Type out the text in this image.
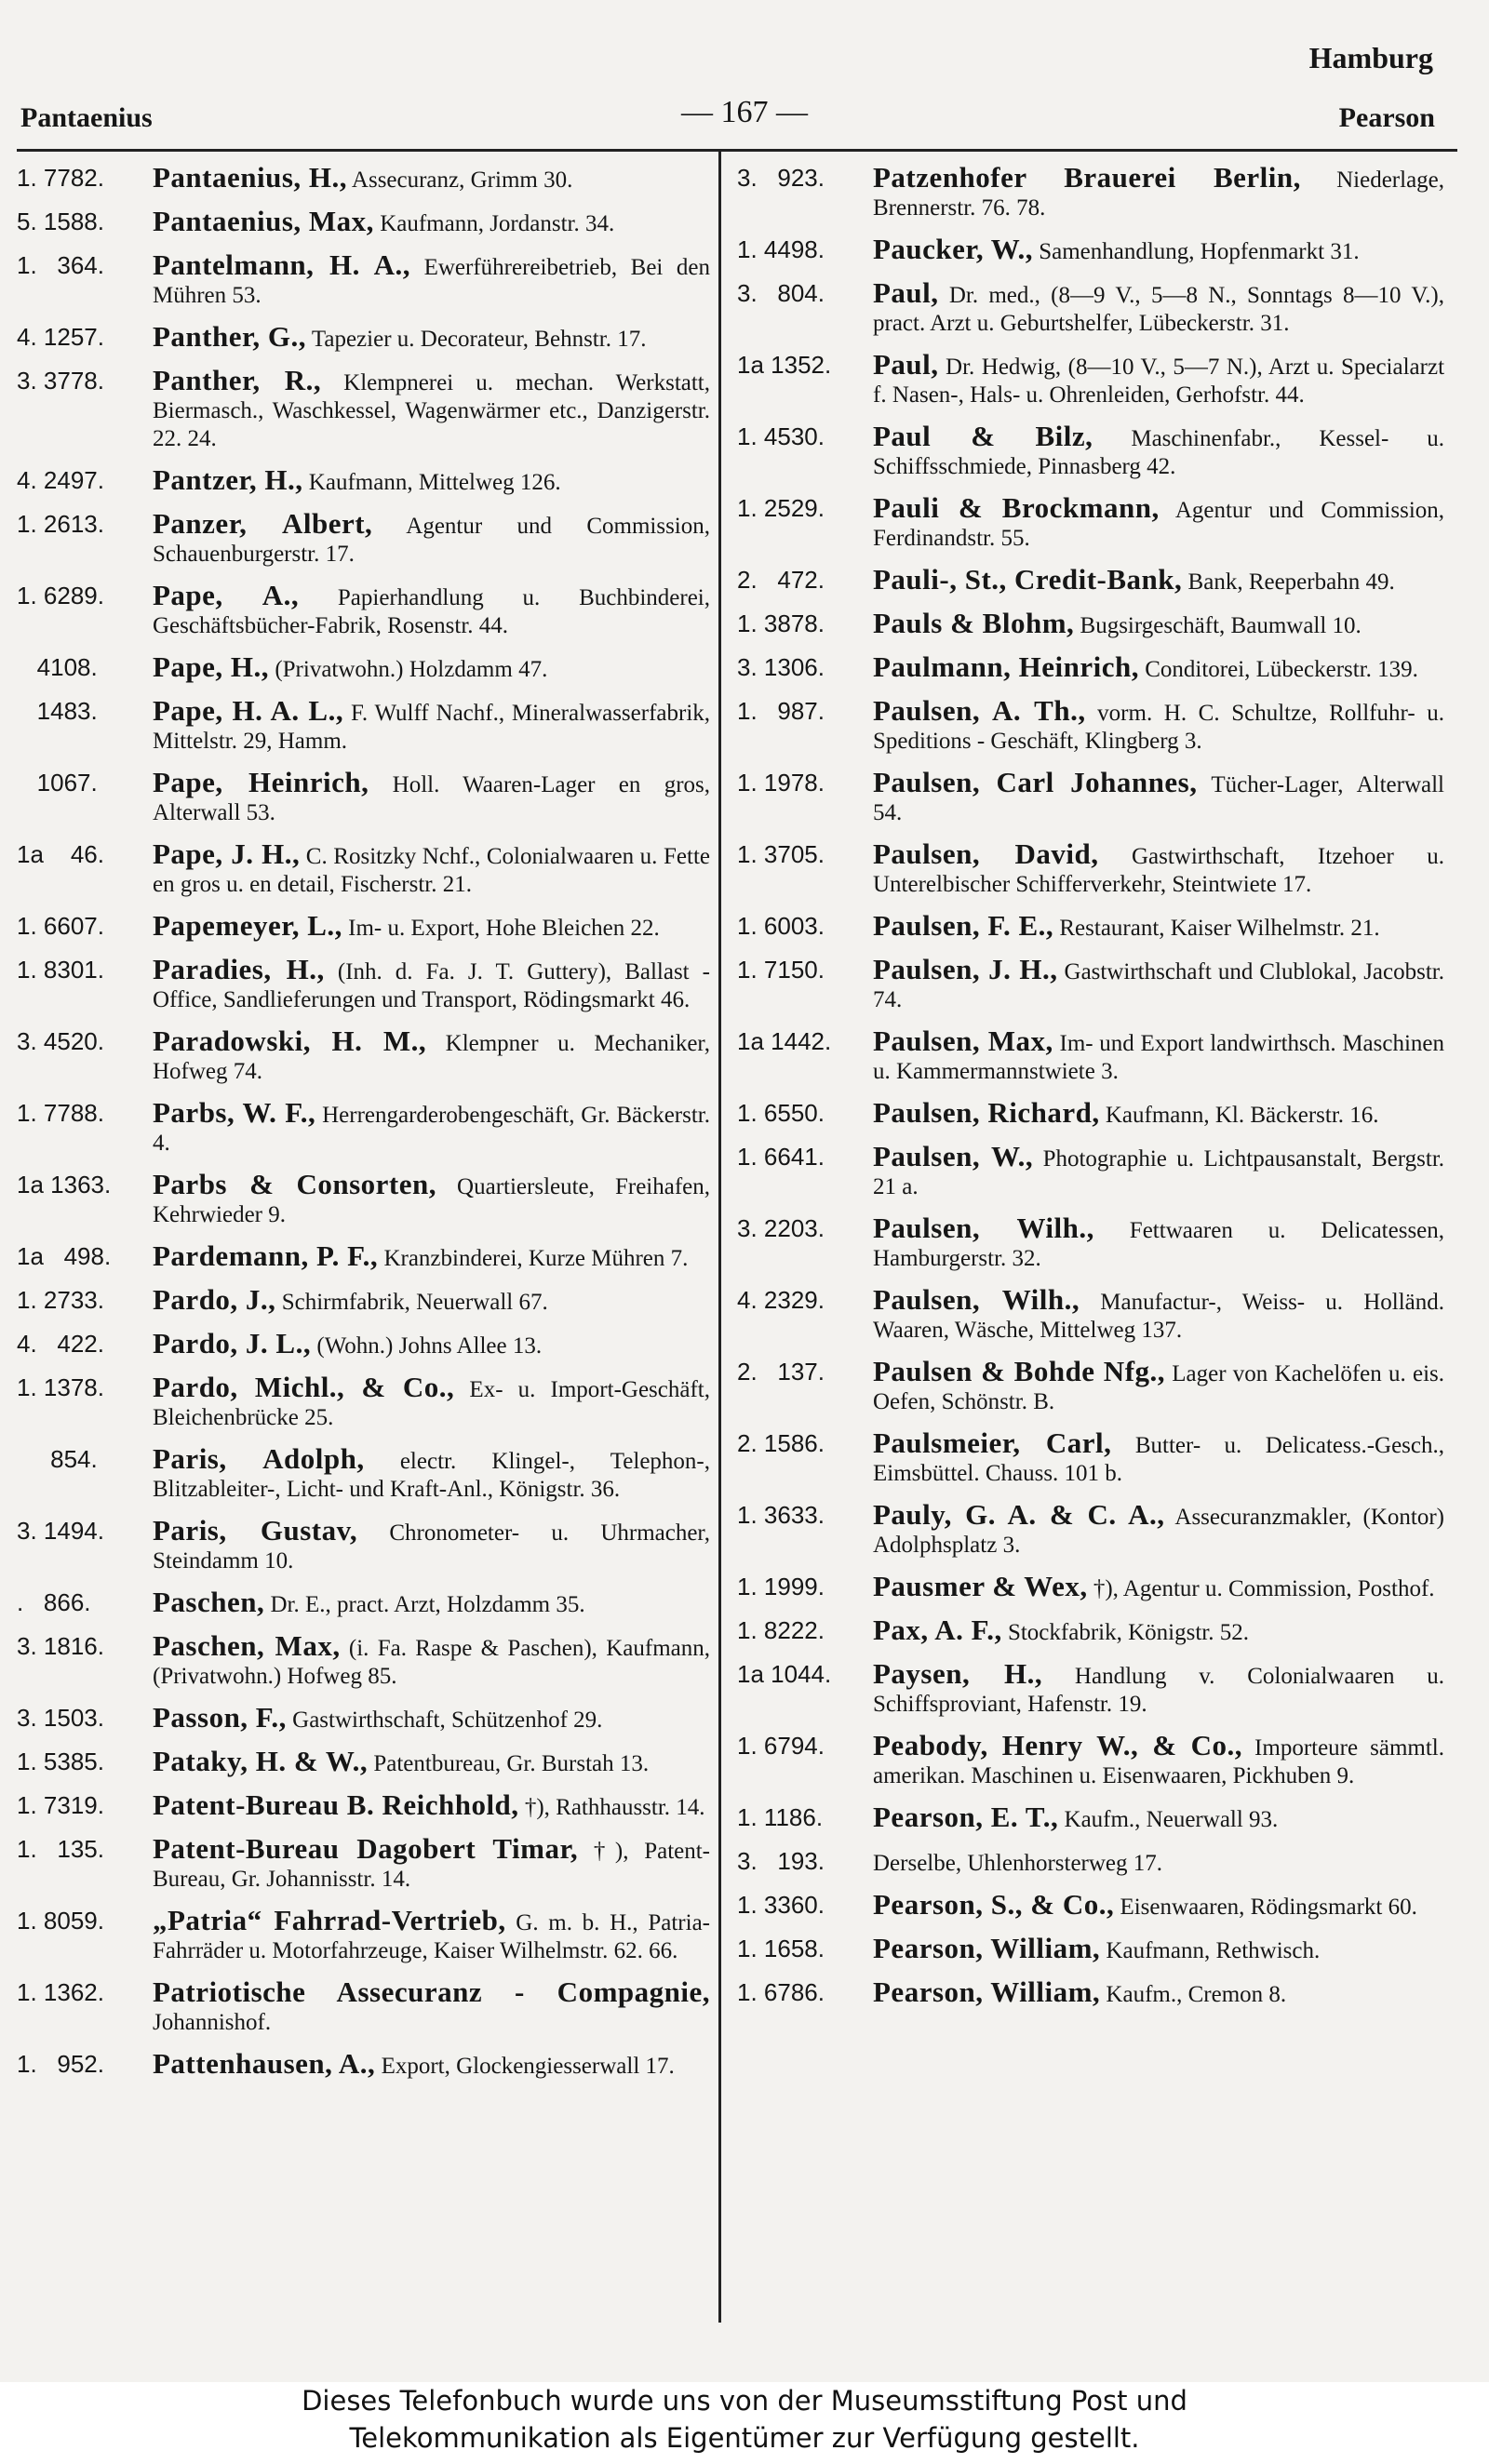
Hamburg
Pantaenius	— 167 —	Pearson
1. 7782.	Pantaenius, H., Assecuranz, Grimm 30.
5. 1588.	Pantaenius, Max, Kaufmann, Jordanstr. 34.
1.   364.	Pantelmann, H. A., Ewerführereibetrieb, Bei den Mühren 53.
4. 1257.	Panther, G., Tapezier u. Decorateur, Behnstr. 17.
3. 3778.	Panther, R., Klempnerei u. mechan. Werkstatt, Biermasch., Waschkessel, Wagenwärmer etc., Danzigerstr. 22. 24.
4. 2497.	Pantzer, H., Kaufmann, Mittelweg 126.
1. 2613.	Panzer, Albert, Agentur und Commission, Schauenburgerstr. 17.
1. 6289.	Pape, A., Papierhandlung u. Buchbinderei, Geschäftsbücher-Fabrik, Rosenstr. 44.
4108.	Pape, H., (Privatwohn.) Holzdamm 47.
1483.	Pape, H. A. L., F. Wulff Nachf., Mineralwasserfabrik, Mittelstr. 29, Hamm.
1067.	Pape, Heinrich, Holl. Waaren-Lager en gros, Alterwall 53.
1a    46.	Pape, J. H., C. Rositzky Nchf., Colonialwaaren u. Fette en gros u. en detail, Fischerstr. 21.
1. 6607.	Papemeyer, L., Im- u. Export, Hohe Bleichen 22.
1. 8301.	Paradies, H., (Inh. d. Fa. J. T. Guttery), Ballast - Office, Sandlieferungen und Transport, Rödingsmarkt 46.
3. 4520.	Paradowski, H. M., Klempner u. Mechaniker, Hofweg 74.
1. 7788.	Parbs, W. F., Herrengarderobengeschäft, Gr. Bäckerstr. 4.
1a 1363.	Parbs & Consorten, Quartiersleute, Freihafen, Kehrwieder 9.
1a   498.	Pardemann, P. F., Kranzbinderei, Kurze Mühren 7.
1. 2733.	Pardo, J., Schirmfabrik, Neuerwall 67.
4.   422.	Pardo, J. L., (Wohn.) Johns Allee 13.
1. 1378.	Pardo, Michl., & Co., Ex- u. Import-Geschäft, Bleichenbrücke 25.
854.	Paris, Adolph, electr. Klingel-, Telephon-, Blitzableiter-, Licht- und Kraft-Anl., Königstr. 36.
3. 1494.	Paris, Gustav, Chronometer- u. Uhrmacher, Steindamm 10.
.   866.	Paschen, Dr. E., pract. Arzt, Holzdamm 35.
3. 1816.	Paschen, Max, (i. Fa. Raspe & Paschen), Kaufmann, (Privatwohn.) Hofweg 85.
3. 1503.	Passon, F., Gastwirthschaft, Schützenhof 29.
1. 5385.	Pataky, H. & W., Patentbureau, Gr. Burstah 13.
1. 7319.	Patent-Bureau B. Reichhold, †), Rathhausstr. 14.
1.   135.	Patent-Bureau Dagobert Timar, †), Patent-Bureau, Gr. Johannisstr. 14.
1. 8059.	„Patria“ Fahrrad-Vertrieb, G. m. b. H., Patria-Fahrräder u. Motorfahrzeuge, Kaiser Wilhelmstr. 62. 66.
1. 1362.	Patriotische Assecuranz - Compagnie, Johannishof.
1.   952.	Pattenhausen, A., Export, Glockengiesserwall 17.
3.   923.	Patzenhofer Brauerei Berlin, Niederlage, Brennerstr. 76. 78.
1. 4498.	Paucker, W., Samenhandlung, Hopfenmarkt 31.
3.   804.	Paul, Dr. med., (8—9 V., 5—8 N., Sonntags 8—10 V.), pract. Arzt u. Geburtshelfer, Lübeckerstr. 31.
1a 1352.	Paul, Dr. Hedwig, (8—10 V., 5—7 N.), Arzt u. Specialarzt f. Nasen-, Hals- u. Ohrenleiden, Gerhofstr. 44.
1. 4530.	Paul & Bilz, Maschinenfabr., Kessel- u. Schiffsschmiede, Pinnasberg 42.
1. 2529.	Pauli & Brockmann, Agentur und Commission, Ferdinandstr. 55.
2.   472.	Pauli-, St., Credit-Bank, Bank, Reeperbahn 49.
1. 3878.	Pauls & Blohm, Bugsirgeschäft, Baumwall 10.
3. 1306.	Paulmann, Heinrich, Conditorei, Lübeckerstr. 139.
1.   987.	Paulsen, A. Th., vorm. H. C. Schultze, Rollfuhr- u. Speditions - Geschäft, Klingberg 3.
1. 1978.	Paulsen, Carl Johannes, Tücher-Lager, Alterwall 54.
1. 3705.	Paulsen, David, Gastwirthschaft, Itzehoer u. Unterelbischer Schifferverkehr, Steintwiete 17.
1. 6003.	Paulsen, F. E., Restaurant, Kaiser Wilhelmstr. 21.
1. 7150.	Paulsen, J. H., Gastwirthschaft und Clublokal, Jacobstr. 74.
1a 1442.	Paulsen, Max, Im- und Export landwirthsch. Maschinen u. Kammermannstwiete 3.
1. 6550.	Paulsen, Richard, Kaufmann, Kl. Bäckerstr. 16.
1. 6641.	Paulsen, W., Photographie u. Lichtpausanstalt, Bergstr. 21 a.
3. 2203.	Paulsen, Wilh., Fettwaaren u. Delicatessen, Hamburgerstr. 32.
4. 2329.	Paulsen, Wilh., Manufactur-, Weiss- u. Holländ. Waaren, Wäsche, Mittelweg 137.
2.   137.	Paulsen & Bohde Nfg., Lager von Kachelöfen u. eis. Oefen, Schönstr. B.
2. 1586.	Paulsmeier, Carl, Butter- u. Delicatess.-Gesch., Eimsbüttel. Chauss. 101 b.
1. 3633.	Pauly, G. A. & C. A., Assecuranzmakler, (Kontor) Adolphsplatz 3.
1. 1999.	Pausmer & Wex, †), Agentur u. Commission, Posthof.
1. 8222.	Pax, A. F., Stockfabrik, Königstr. 52.
1a 1044.	Paysen, H., Handlung v. Colonialwaaren u. Schiffsproviant, Hafenstr. 19.
1. 6794.	Peabody, Henry W., & Co., Importeure sämmtl. amerikan. Maschinen u. Eisenwaaren, Pickhuben 9.
1. 1186.	Pearson, E. T., Kaufm., Neuerwall 93.
3.   193.	Derselbe, Uhlenhorsterweg 17.
1. 3360.	Pearson, S., & Co., Eisenwaaren, Rödingsmarkt 60.
1. 1658.	Pearson, William, Kaufmann, Rethwisch.
1. 6786.	Pearson, William, Kaufm., Cremon 8.
Dieses Telefonbuch wurde uns von der Museumsstiftung Post und
Telekommunikation als Eigentümer zur Verfügung gestellt.
